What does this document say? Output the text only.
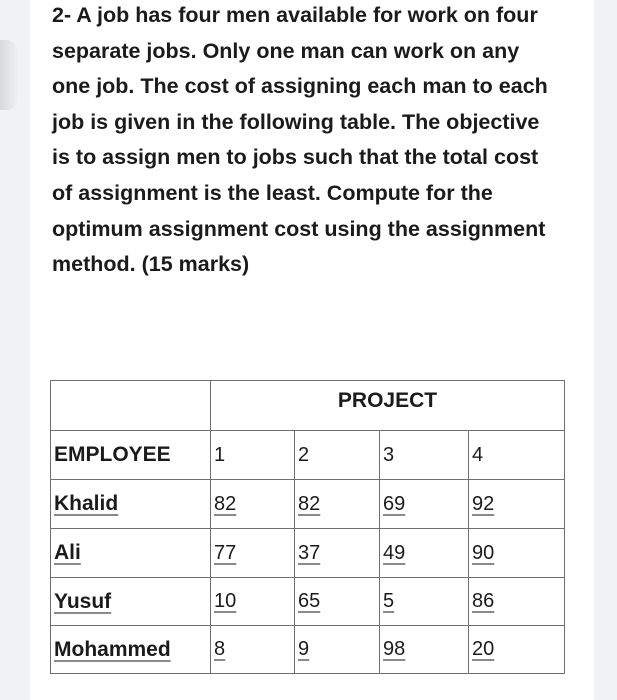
2- A job has four men available for work on four separate jobs. Only one man can work on any one job. The cost of assigning each man to each job is given in the following table. The objective is to assign men to jobs such that the total cost of assignment is the least. Compute for the optimum assignment cost using the assignment method. (15 marks)

	PROJECT			
EMPLOYEE	1	2	3	4
Khalid	82	82	69	92
Ali	77	37	49	90
Yusuf	10	65	5	86
Mohammed	8	9	98	20
